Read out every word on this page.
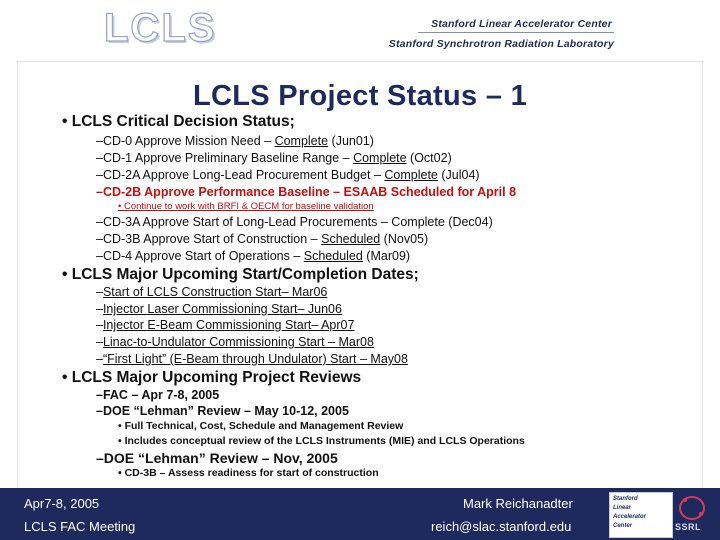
LCLS	Stanford Linear Accelerator Center
Stanford Synchrotron Radiation Laboratory
LCLS Project Status – 1
• LCLS Critical Decision Status;
–CD-0 Approve Mission Need – Complete (Jun01)
–CD-1 Approve Preliminary Baseline Range – Complete (Oct02)
–CD-2A Approve Long-Lead Procurement Budget – Complete (Jul04)
–CD-2B Approve Performance Baseline – ESAAB Scheduled for April 8
• Continue to work with BRFI & OECM for baseline validation
–CD-3A Approve Start of Long-Lead Procurements – Complete (Dec04)
–CD-3B Approve Start of Construction – Scheduled (Nov05)
–CD-4 Approve Start of Operations – Scheduled (Mar09)
• LCLS Major Upcoming Start/Completion Dates;
–Start of LCLS Construction Start– Mar06
–Injector Laser Commissioning Start– Jun06
–Injector E-Beam Commissioning Start– Apr07
–Linac-to-Undulator Commissioning Start – Mar08
–“First Light” (E-Beam through Undulator) Start – May08
• LCLS Major Upcoming Project Reviews
–FAC – Apr 7-8, 2005
–DOE “Lehman” Review – May 10-12, 2005
• Full Technical, Cost, Schedule and Management Review
• Includes conceptual review of the LCLS Instruments (MIE) and LCLS Operations
–DOE “Lehman” Review – Nov, 2005
• CD-3B – Assess readiness for start of construction
Apr7-8, 2005
LCLS FAC Meeting
Mark Reichanadter
reich@slac.stanford.edu
Stanford
Linear
Accelerator
Center	SSRL
